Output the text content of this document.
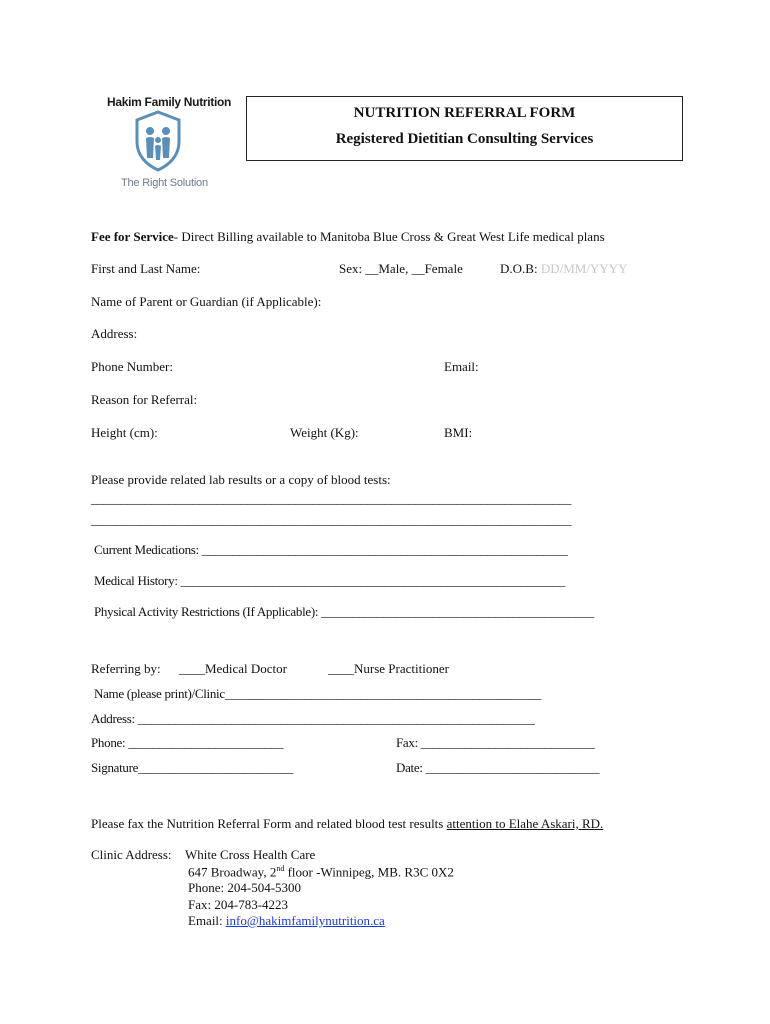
Hakim Family Nutrition
The Right Solution
NUTRITION REFERRAL FORM
Registered Dietitian Consulting Services
Fee for Service- Direct Billing available to Manitoba Blue Cross & Great West Life medical plans
First and Last Name:	Sex: __Male, __Female	D.O.B: DD/MM/YYYY
Name of Parent or Guardian (if Applicable):
Address:
Phone Number:	Email:
Reason for Referral:
Height (cm):	Weight (Kg):	BMI:
Please provide related lab results or a copy of blood tests:
________________________________________________________________________________
________________________________________________________________________________
Current Medications: ___________________________________________________________
Medical History: ______________________________________________________________
Physical Activity Restrictions (If Applicable): ____________________________________________
Referring by: ____Medical Doctor	____Nurse Practitioner
Name (please print)/Clinic___________________________________________________
Address: ________________________________________________________________
Phone: _________________________	Fax: ____________________________
Signature_________________________	Date: ____________________________
Please fax the Nutrition Referral Form and related blood test results attention to Elahe Askari, RD.
Clinic Address: White Cross Health Care
647 Broadway, 2nd floor -Winnipeg, MB. R3C 0X2
Phone: 204-504-5300
Fax: 204-783-4223
Email: info@hakimfamilynutrition.ca
